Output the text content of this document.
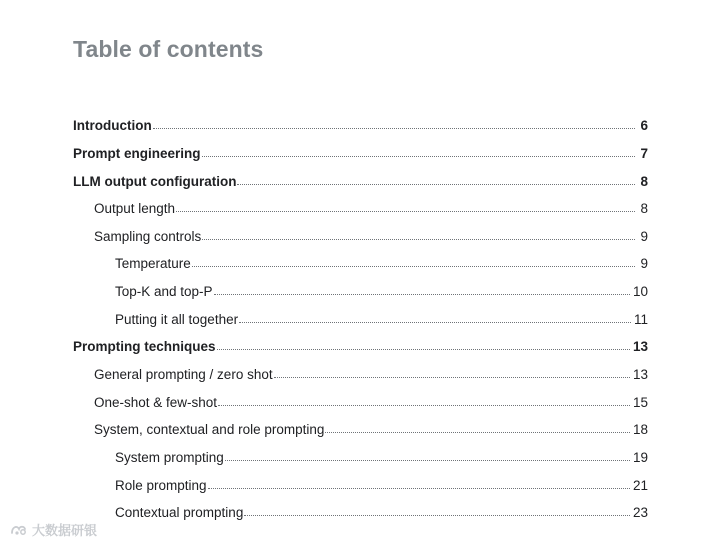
Table of contents
Introduction	6
Prompt engineering	7
LLM output configuration	8
Output length	8
Sampling controls	9
Temperature	9
Top-K and top-P	10
Putting it all together	11
Prompting techniques	13
General prompting / zero shot	13
One-shot & few-shot	15
System, contextual and role prompting	18
System prompting	19
Role prompting	21
Contextual prompting	23
大数据研银
